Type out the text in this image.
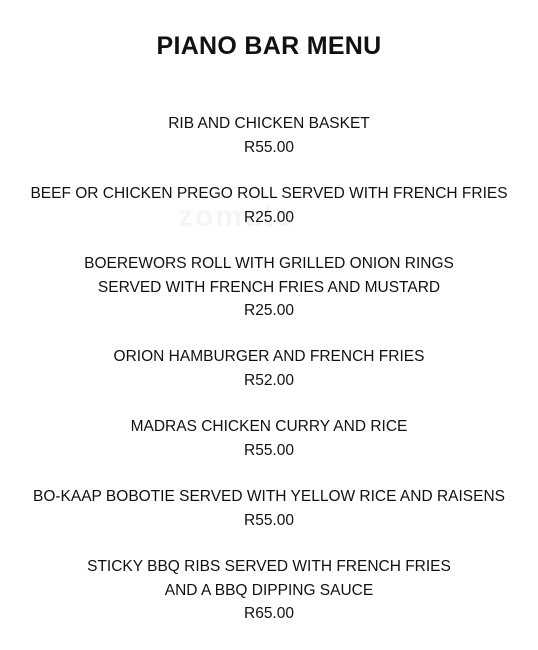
PIANO BAR MENU
RIB AND CHICKEN BASKET
R55.00
BEEF OR CHICKEN PREGO ROLL SERVED WITH FRENCH FRIES
R25.00
BOEREWORS ROLL WITH GRILLED ONION RINGS
SERVED WITH FRENCH FRIES AND MUSTARD
R25.00
ORION HAMBURGER AND FRENCH FRIES
R52.00
MADRAS CHICKEN CURRY AND RICE
R55.00
BO-KAAP BOBOTIE SERVED WITH YELLOW RICE AND RAISENS
R55.00
STICKY BBQ RIBS SERVED WITH FRENCH FRIES
AND A BBQ DIPPING SAUCE
R65.00
